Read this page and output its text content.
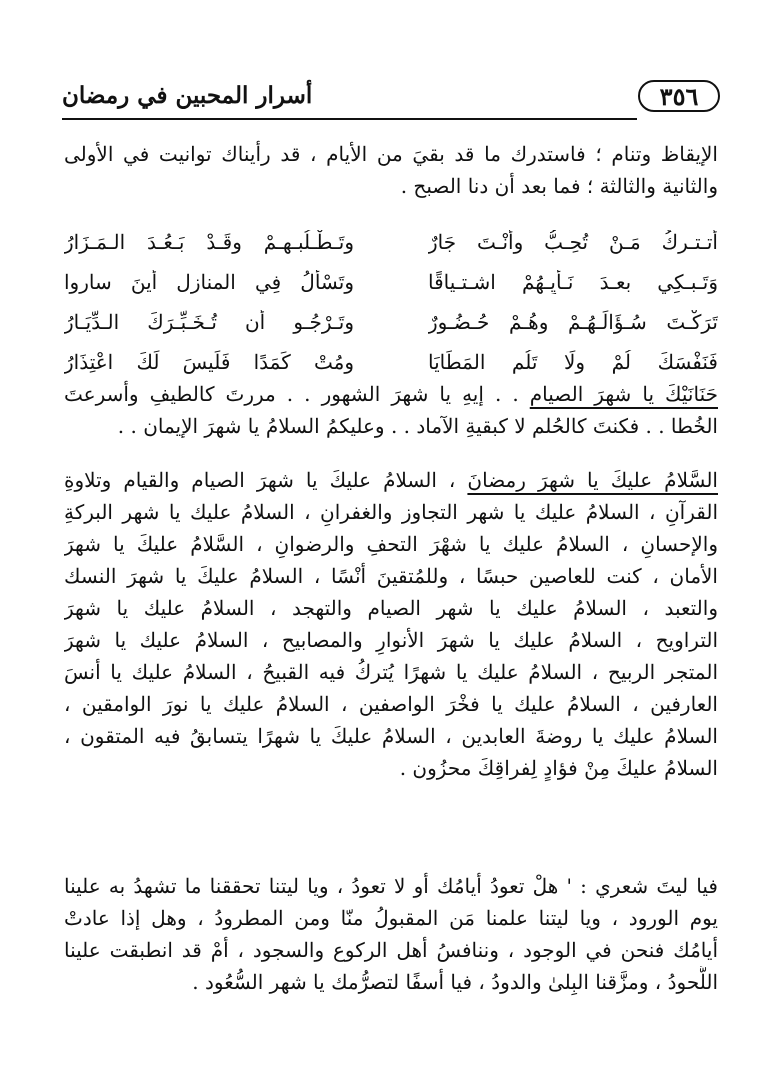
٣٥٦
أسرار المحبين في رمضان
الإيقاظ وتنام ؛ فاستدرك ما قد بقيَ من الأيام ، قد رأيناك توانيت في الأولى
والثانية والثالثة ؛ فما بعد أن دنا الصبح .
أَتـتـركُ مَـنْ تُحِـبُّ وأنْـتَ جَارٌ
وتَـطْـلُبـهـمْ وقَـدْ بَـعُـدَ الـمَـزَارُ
وَتَـبـكِي بعـدَ نَـأْيِـهُمْ اشـتـياقًا
وتَسْأَلُ فِي المنازِلِ أينَ ساروا
تَرَكْـتَ سُـؤَالَـهُـمْ وهُـمْ حُـضُـورٌ
وتَـرْجُـو أن تُـخَـبِّـرَكَ الـدِّيَـارُ
فَنَفْسَكَ لُمْ ولَا تَلُمِ المَطَايَا
ومُتْ كَمَدًا فَلَيسَ لَكَ اعْتِذَارُ
حَنَانَيْكَ يا شهرَ الصيام . . إيهِ يا شهرَ الشهور . . مررتَ كالطيفِ وأسرعتَ
الخُطا . . فكنتَ كالحُلم لا كبقيةِ الآماد . . وعليكمُ السلامُ يا شهرَ الإيمان . .
السَّلامُ عليكَ يا شهرَ رمضانَ ، السلامُ عليكَ يا شهرَ الصيام والقيام وتلاوةِ
القرآنِ ، السلامُ عليك يا شهر التجاوز والغفرانِ ، السلامُ عليك يا شهر البركةِ
والإحسانِ ، السلامُ عليك يا شهْرَ التحفِ والرضوانِ ، السَّلامُ عليكَ يا شهرَ
الأمان ، كنت للعاصين حبسًا ، وللمُتقينَ أنْسًا ، السلامُ عليكَ يا شهرَ النسك
والتعبد ، السلامُ عليك يا شهر الصيام والتهجد ، السلامُ عليك يا شهرَ
التراويح ، السلامُ عليك يا شهرَ الأنوارِ والمصابيح ، السلامُ عليك يا شهرَ
المتجر الربيح ، السلامُ عليك يا شهرًا يُتركُ فيه القبيحُ ، السلامُ عليك يا أنسَ
العارفين ، السلامُ عليك يا فخْرَ الواصفين ، السلامُ عليك يا نورَ الوامقين ،
السلامُ عليك يا روضةَ العابدين ، السلامُ عليكَ يا شهرًا يتسابقُ فيه المتقون ،
السلامُ عليكَ مِنْ فؤادٍ لِفراقِكَ محزُون .
فيا ليتَ شعري : ' هلْ تعودُ أيامُك أو لا تعودُ ، ويا ليتنا تحققنا ما تشهدُ به علينا
يوم الورود ، ويا ليتنا علمنا مَن المقبولُ منّا ومن المطرودُ ، وهل إذا عادتْ
أيامُك فنحن في الوجود ، وننافسُ أهل الركوع والسجود ، أمْ قد انطبقت علينا
اللُّحودُ ، ومزَّقنا البِلىٰ والدودُ ، فيا أسفًا لتصرُّمك يا شهر السُّعُود .
